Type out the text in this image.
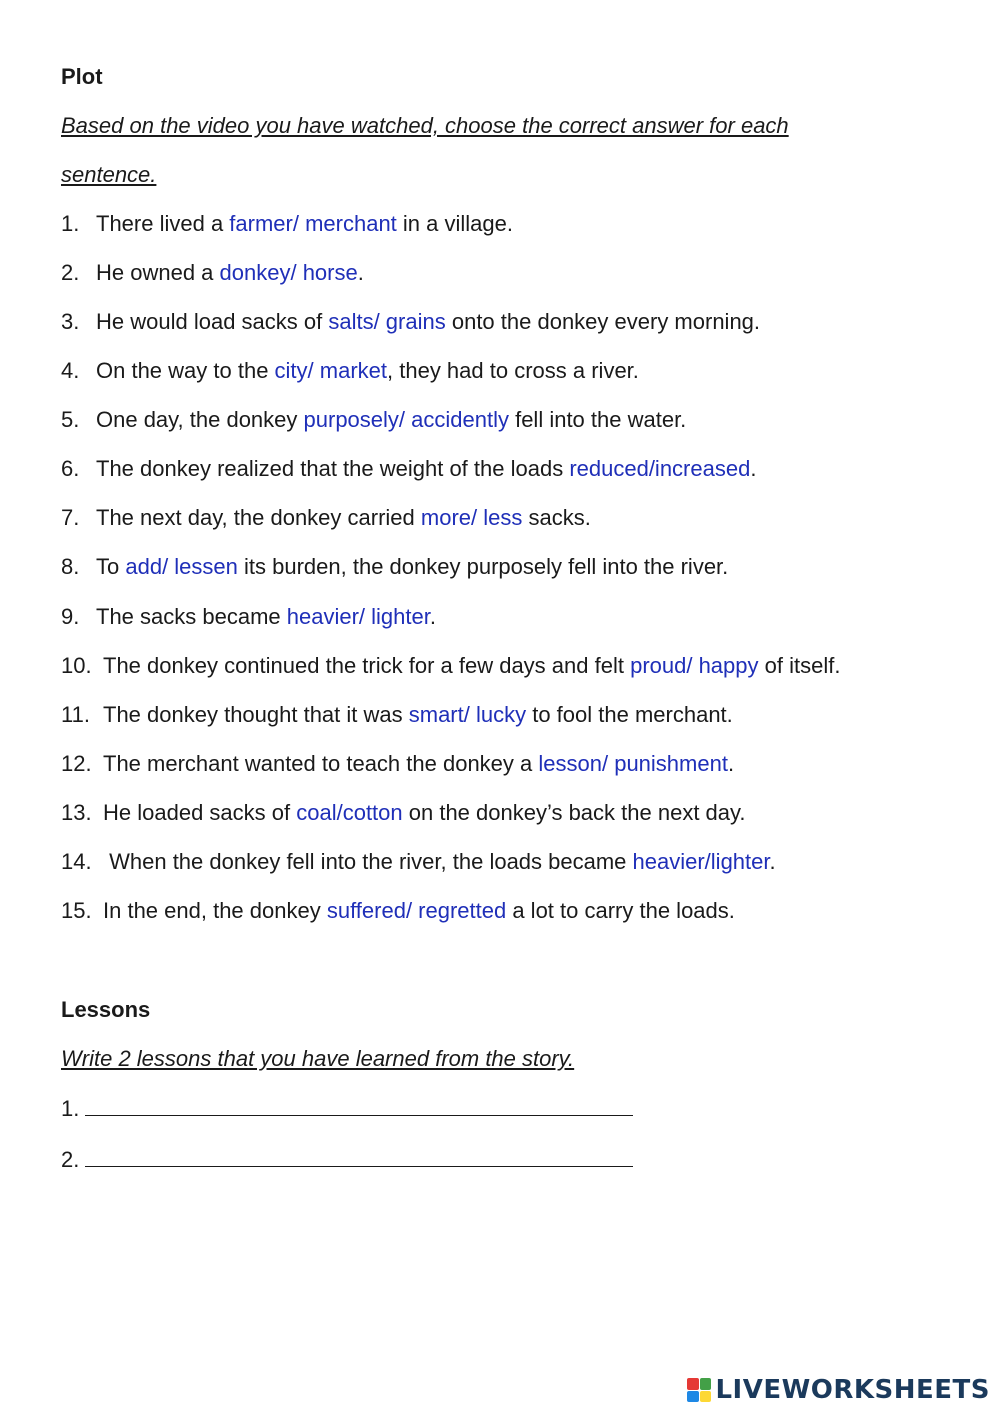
Plot
Based on the video you have watched, choose the correct answer for each
sentence.
1. There lived a farmer/ merchant in a village.
2. He owned a donkey/ horse.
3. He would load sacks of salts/ grains onto the donkey every morning.
4. On the way to the city/ market, they had to cross a river.
5. One day, the donkey purposely/ accidently fell into the water.
6. The donkey realized that the weight of the loads reduced/increased.
7. The next day, the donkey carried more/ less sacks.
8. To add/ lessen its burden, the donkey purposely fell into the river.
9. The sacks became heavier/ lighter.
10. The donkey continued the trick for a few days and felt proud/ happy of itself.
11. The donkey thought that it was smart/ lucky to fool the merchant.
12. The merchant wanted to teach the donkey a lesson/ punishment.
13. He loaded sacks of coal/cotton on the donkey’s back the next day.
14. When the donkey fell into the river, the loads became heavier/lighter.
15. In the end, the donkey suffered/ regretted a lot to carry the loads.
Lessons
Write 2 lessons that you have learned from the story.
1.
2.
LIVEWORKSHEETS
